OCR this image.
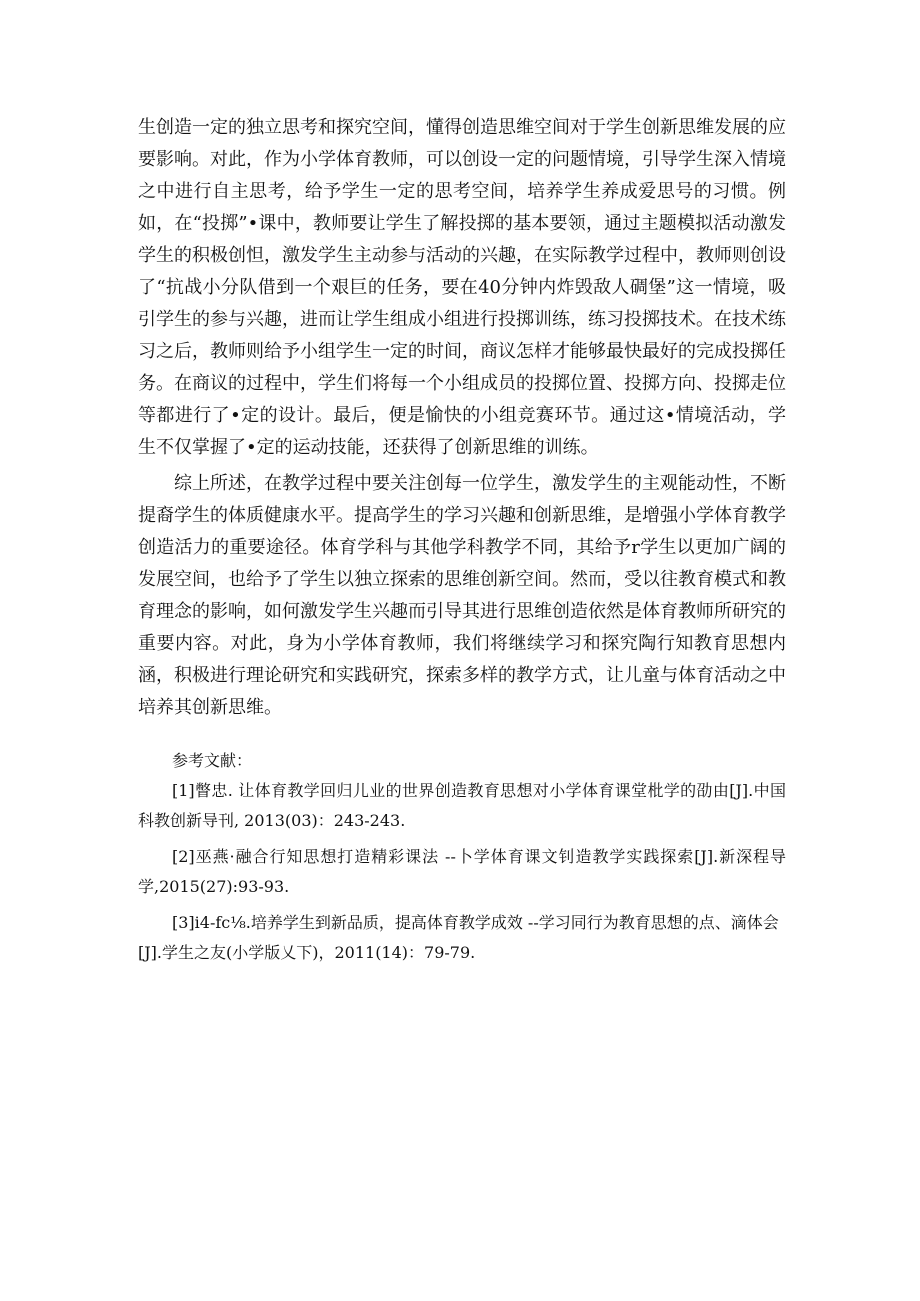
生创造一定的独立思考和探究空间，懂得创造思维空间对于学生创新思维发展的应要影响。对此，作为小学体育教师，可以创设一定的问题情境，引导学生深入情境之中进行自主思考，给予学生一定的思考空间，培养学生养成爱思号的习惯。例如，在“投掷”•课中，教师要让学生了解投掷的基本要领，通过主题模拟活动激发学生的积极创怛，激发学生主动参与活动的兴趣，在实际教学过程中，教师则创设了“抗战小分队借到一个艰巨的任务，要在40分钟内炸毁敌人碉堡”这一情境，吸引学生的参与兴趣，进而让学生组成小组进行投掷训练，练习投掷技术。在技术练习之后，教师则给予小组学生一定的时间，商议怎样才能够最快最好的完成投掷任务。在商议的过程中，学生们将每一个小组成员的投掷位置、投掷方向、投掷走位等都进行了•定的设计。最后，便是愉快的小组竞赛环节。通过这•情境活动，学生不仅掌握了•定的运动技能，还获得了创新思维的训练。

综上所述，在教学过程中要关注创每一位学生，激发学生的主观能动性，不断提裔学生的体质健康水平。提高学生的学习兴趣和创新思维，是增强小学体育教学创造活力的重要途径。体育学科与其他学科教学不同，其给予r学生以更加广阔的发展空间，也给予了学生以独立探索的思维创新空间。然而，受以往教育模式和教育理念的影响，如何激发学生兴趣而引导其进行思维创造依然是体育教师所研究的重要内容。对此，身为小学体育教师，我们将继续学习和探究陶行知教育思想内涵，积极进行理论研究和实践研究，探索多样的教学方式，让儿童与体育活动之中培养其创新思维。

参考文献：

[1]瞥忠. 让体育教学回归儿业的世界创造教育思想对小学体育课堂枇学的劭由[J].中国科教创新导刊, 2013(03)：243-243.

[2]巫燕·融合行知思想打造精彩课法 --卜学体育课文钊造教学实践探索[J].新深程导学,2015(27):93-93.

[3]i4-fc⅛.培养学生到新品质，提高体育教学成效 --学习同行为教育思想的点、滴体会

[J].学生之友(小学版乂下)，2011(14)：79-79.
